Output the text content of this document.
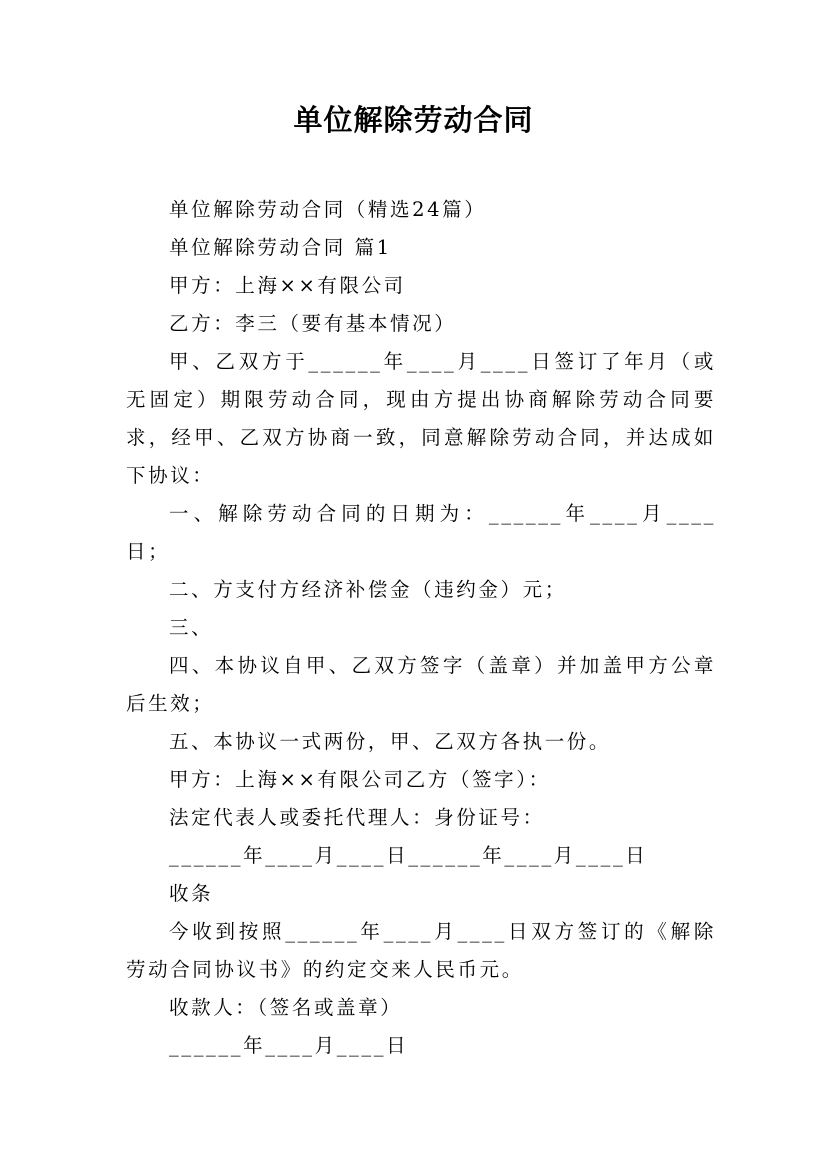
单位解除劳动合同

单位解除劳动合同（精选24篇）

单位解除劳动合同 篇1

甲方：上海××有限公司

乙方：李三（要有基本情况）

甲、乙双方于______年____月____日签订了年月（或无固定）期限劳动合同，现由方提出协商解除劳动合同要求，经甲、乙双方协商一致，同意解除劳动合同，并达成如下协议：

一、解除劳动合同的日期为：______年____月____日；

二、方支付方经济补偿金（违约金）元；

三、

四、本协议自甲、乙双方签字（盖章）并加盖甲方公章后生效；

五、本协议一式两份，甲、乙双方各执一份。

甲方：上海××有限公司乙方（签字）：

法定代表人或委托代理人：身份证号：

______年____月____日______年____月____日

收条

今收到按照______年____月____日双方签订的《解除劳动合同协议书》的约定交来人民币元。

收款人：（签名或盖章）

______年____月____日
